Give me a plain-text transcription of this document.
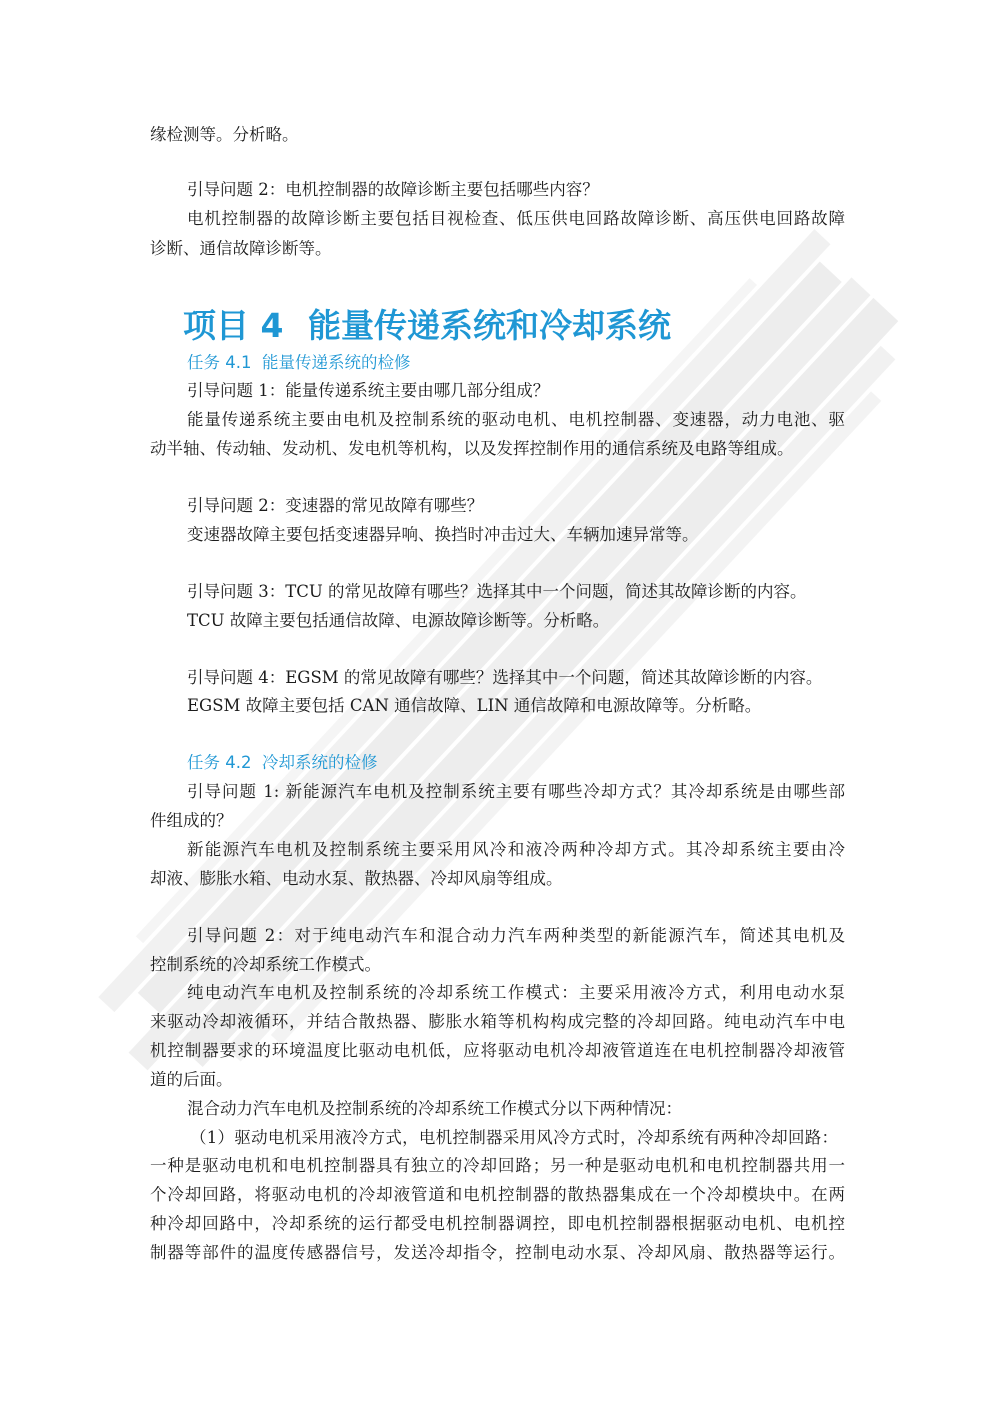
缘检测等。分析略。
引导问题 2：电机控制器的故障诊断主要包括哪些内容？
电机控制器的故障诊断主要包括目视检查、低压供电回路故障诊断、高压供电回路故障
诊断、通信故障诊断等。
项目 4 能量传递系统和冷却系统
任务 4.1 能量传递系统的检修
引导问题 1：能量传递系统主要由哪几部分组成？
能量传递系统主要由电机及控制系统的驱动电机、电机控制器、变速器，动力电池、驱
动半轴、传动轴、发动机、发电机等机构，以及发挥控制作用的通信系统及电路等组成。
引导问题 2：变速器的常见故障有哪些？
变速器故障主要包括变速器异响、换挡时冲击过大、车辆加速异常等。
引导问题 3：TCU 的常见故障有哪些？选择其中一个问题，简述其故障诊断的内容。
TCU 故障主要包括通信故障、电源故障诊断等。分析略。
引导问题 4：EGSM 的常见故障有哪些？选择其中一个问题，简述其故障诊断的内容。
EGSM 故障主要包括 CAN 通信故障、LIN 通信故障和电源故障等。分析略。
任务 4.2 冷却系统的检修
引导问题 1: 新能源汽车电机及控制系统主要有哪些冷却方式？其冷却系统是由哪些部
件组成的？
新能源汽车电机及控制系统主要采用风冷和液冷两种冷却方式。其冷却系统主要由冷
却液、膨胀水箱、电动水泵、散热器、冷却风扇等组成。
引导问题 2：对于纯电动汽车和混合动力汽车两种类型的新能源汽车，简述其电机及
控制系统的冷却系统工作模式。
纯电动汽车电机及控制系统的冷却系统工作模式：主要采用液冷方式，利用电动水泵
来驱动冷却液循环，并结合散热器、膨胀水箱等机构构成完整的冷却回路。纯电动汽车中电
机控制器要求的环境温度比驱动电机低，应将驱动电机冷却液管道连在电机控制器冷却液管
道的后面。
混合动力汽车电机及控制系统的冷却系统工作模式分以下两种情况：
（1）驱动电机采用液冷方式，电机控制器采用风冷方式时，冷却系统有两种冷却回路：
一种是驱动电机和电机控制器具有独立的冷却回路；另一种是驱动电机和电机控制器共用一
个冷却回路，将驱动电机的冷却液管道和电机控制器的散热器集成在一个冷却模块中。在两
种冷却回路中，冷却系统的运行都受电机控制器调控，即电机控制器根据驱动电机、电机控
制器等部件的温度传感器信号，发送冷却指令，控制电动水泵、冷却风扇、散热器等运行。
